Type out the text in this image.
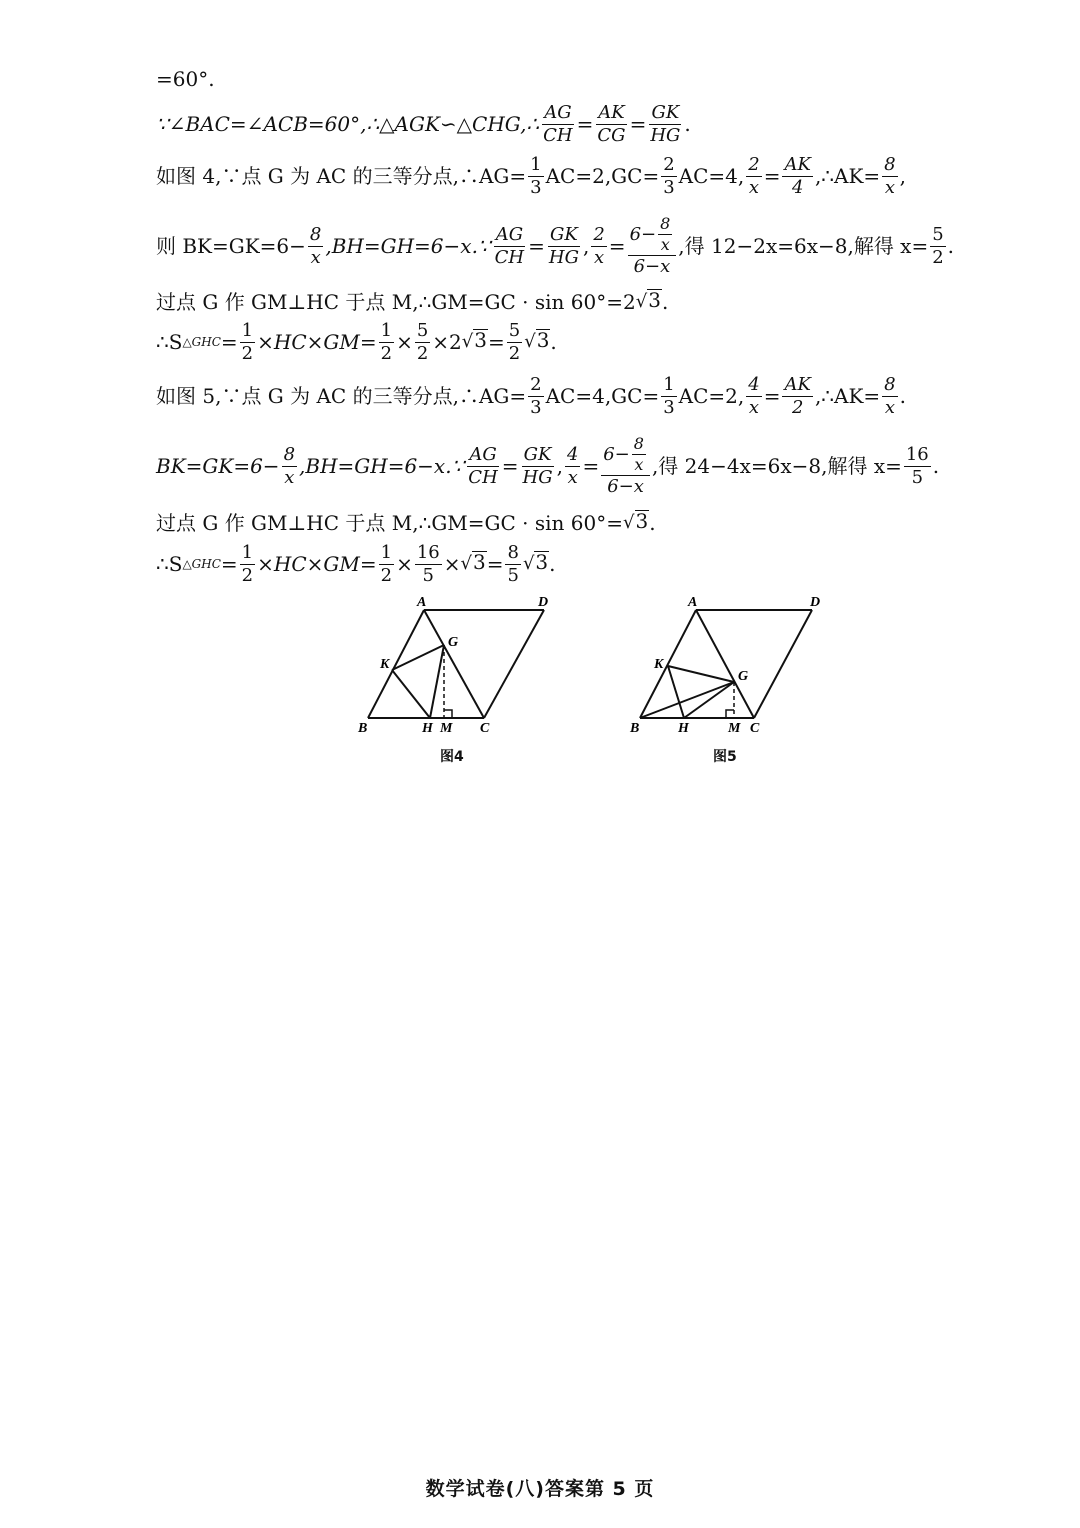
=60°.
∵∠BAC=∠ACB=60°,∴△AGK∽△CHG,∴ $\frac{AG}{CH} = \frac{AK}{CG} = \frac{GK}{HG}$ .
如图 4,∵点 G 为 AC 的三等分点,∴AG= $\frac{1}{3} AC=2,GC= \frac{2}{3} AC=4$, $\frac{2}{x} = \frac{AK}{4}$ ,∴AK= $\frac{8}{x}$ ,
则 $BK=GK=6- \frac{8}{x}$ ,BH=GH=6−x.∵ $\frac{AG}{CH} = \frac{GK}{HG}$ , $\frac{2}{x} = \frac{6- \frac{8}{x}}{6-x}$ ,得 12−2x=6x−8,解得 $x= \frac{5}{2}$ .
过点 G 作 GM⊥HC 于点 M,∴GM=GC · sin 60°=2 √ 3 .
∴S △GHC = $\frac{1}{2} \times HC\times GM= \frac{1}{2} \times \frac{5}{2} \times 2$ √ $3 = \frac{5}{2}$ √ 3 .
如图 5,∵点 G 为 AC 的三等分点,∴AG= $\frac{2}{3} AC=4,GC= \frac{1}{3} AC=2$, $\frac{4}{x} = \frac{AK}{2}$ ,∴AK= $\frac{8}{x}$ .
$BK=GK=6- \frac{8}{x}$ ,BH=GH=6−x.∵ $\frac{AG}{CH} = \frac{GK}{HG}$ , $\frac{4}{x} = \frac{6- \frac{8}{x}}{6-x}$ ,得 24−4x=6x−8,解得 $x= \frac{16}{5}$ .
过点 G 作 GM⊥HC 于点 M,∴GM=GC · sin 60°= √ 3 .
∴S △GHC = $\frac{1}{2} \times HC\times GM= \frac{1}{2} \times \frac{16}{5}$ × √ $3 = \frac{8}{5}$ √ 3 .
A	D
G
K
B	H M C
图4
A	D
G
K
B	H	M C
图5
数学试卷(八)答案第 5 页
